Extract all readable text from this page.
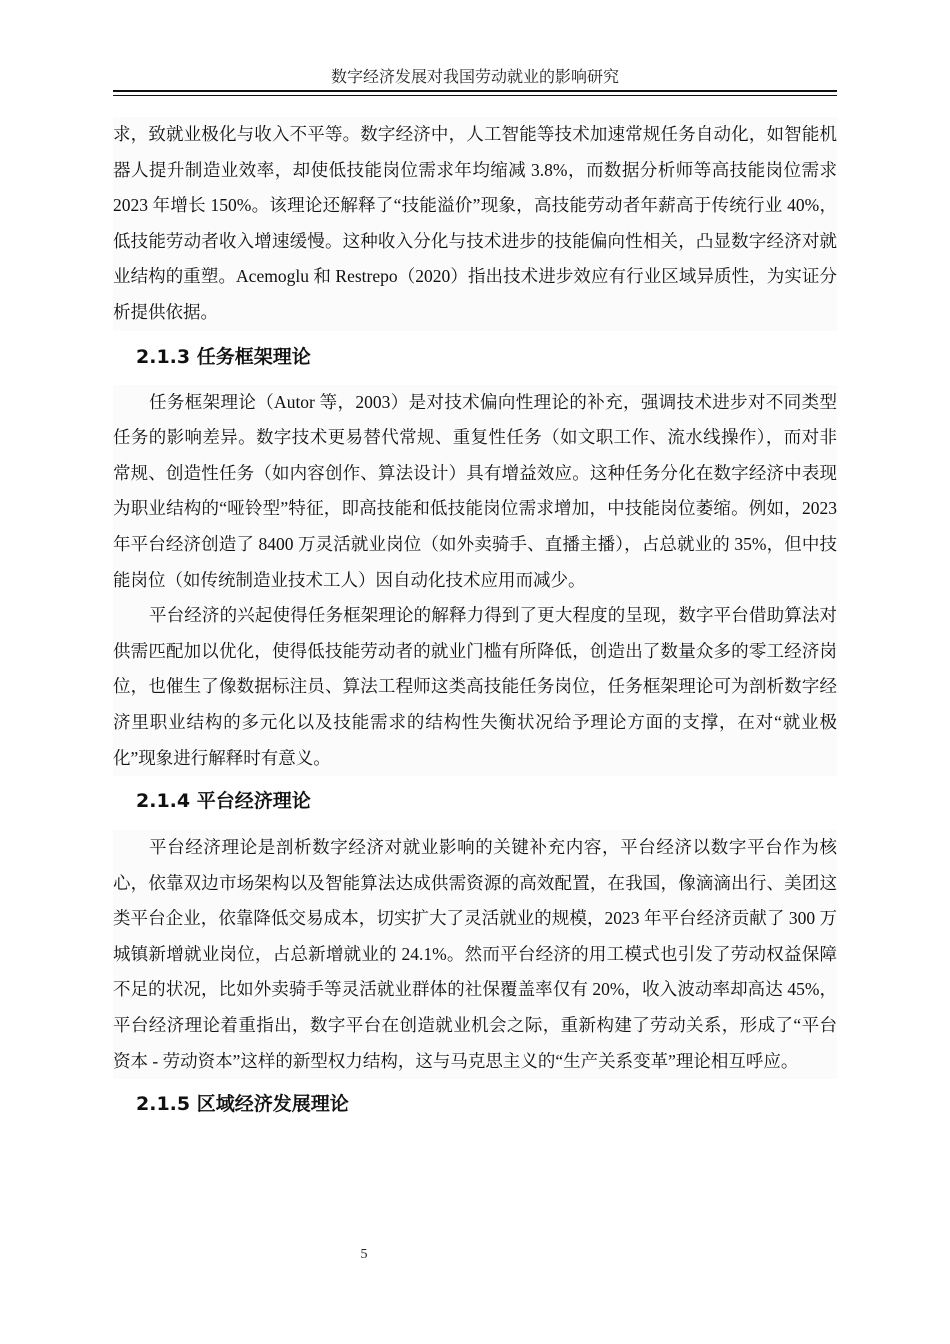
数字经济发展对我国劳动就业的影响研究

求，致就业极化与收入不平等。数字经济中，人工智能等技术加速常规任务自动化，如智能机器人提升制造业效率，却使低技能岗位需求年均缩减 3.8%，而数据分析师等高技能岗位需求 2023 年增长 150%。该理论还解释了“技能溢价”现象，高技能劳动者年薪高于传统行业 40%，低技能劳动者收入增速缓慢。这种收入分化与技术进步的技能偏向性相关，凸显数字经济对就业结构的重塑。Acemoglu 和 Restrepo（2020）指出技术进步效应有行业区域异质性，为实证分析提供依据。

2.1.3 任务框架理论

任务框架理论（Autor 等，2003）是对技术偏向性理论的补充，强调技术进步对不同类型任务的影响差异。数字技术更易替代常规、重复性任务（如文职工作、流水线操作），而对非常规、创造性任务（如内容创作、算法设计）具有增益效应。这种任务分化在数字经济中表现为职业结构的“哑铃型”特征，即高技能和低技能岗位需求增加，中技能岗位萎缩。例如，2023 年平台经济创造了 8400 万灵活就业岗位（如外卖骑手、直播主播），占总就业的 35%，但中技能岗位（如传统制造业技术工人）因自动化技术应用而减少。

平台经济的兴起使得任务框架理论的解释力得到了更大程度的呈现，数字平台借助算法对供需匹配加以优化，使得低技能劳动者的就业门槛有所降低，创造出了数量众多的零工经济岗位，也催生了像数据标注员、算法工程师这类高技能任务岗位，任务框架理论可为剖析数字经济里职业结构的多元化以及技能需求的结构性失衡状况给予理论方面的支撑，在对“就业极化”现象进行解释时有意义。

2.1.4 平台经济理论

平台经济理论是剖析数字经济对就业影响的关键补充内容，平台经济以数字平台作为核心，依靠双边市场架构以及智能算法达成供需资源的高效配置，在我国，像滴滴出行、美团这类平台企业，依靠降低交易成本，切实扩大了灵活就业的规模，2023 年平台经济贡献了 300 万城镇新增就业岗位，占总新增就业的 24.1%。然而平台经济的用工模式也引发了劳动权益保障不足的状况，比如外卖骑手等灵活就业群体的社保覆盖率仅有 20%，收入波动率却高达 45%，平台经济理论着重指出，数字平台在创造就业机会之际，重新构建了劳动关系，形成了“平台资本 - 劳动资本”这样的新型权力结构，这与马克思主义的“生产关系变革”理论相互呼应。

2.1.5 区域经济发展理论
5
